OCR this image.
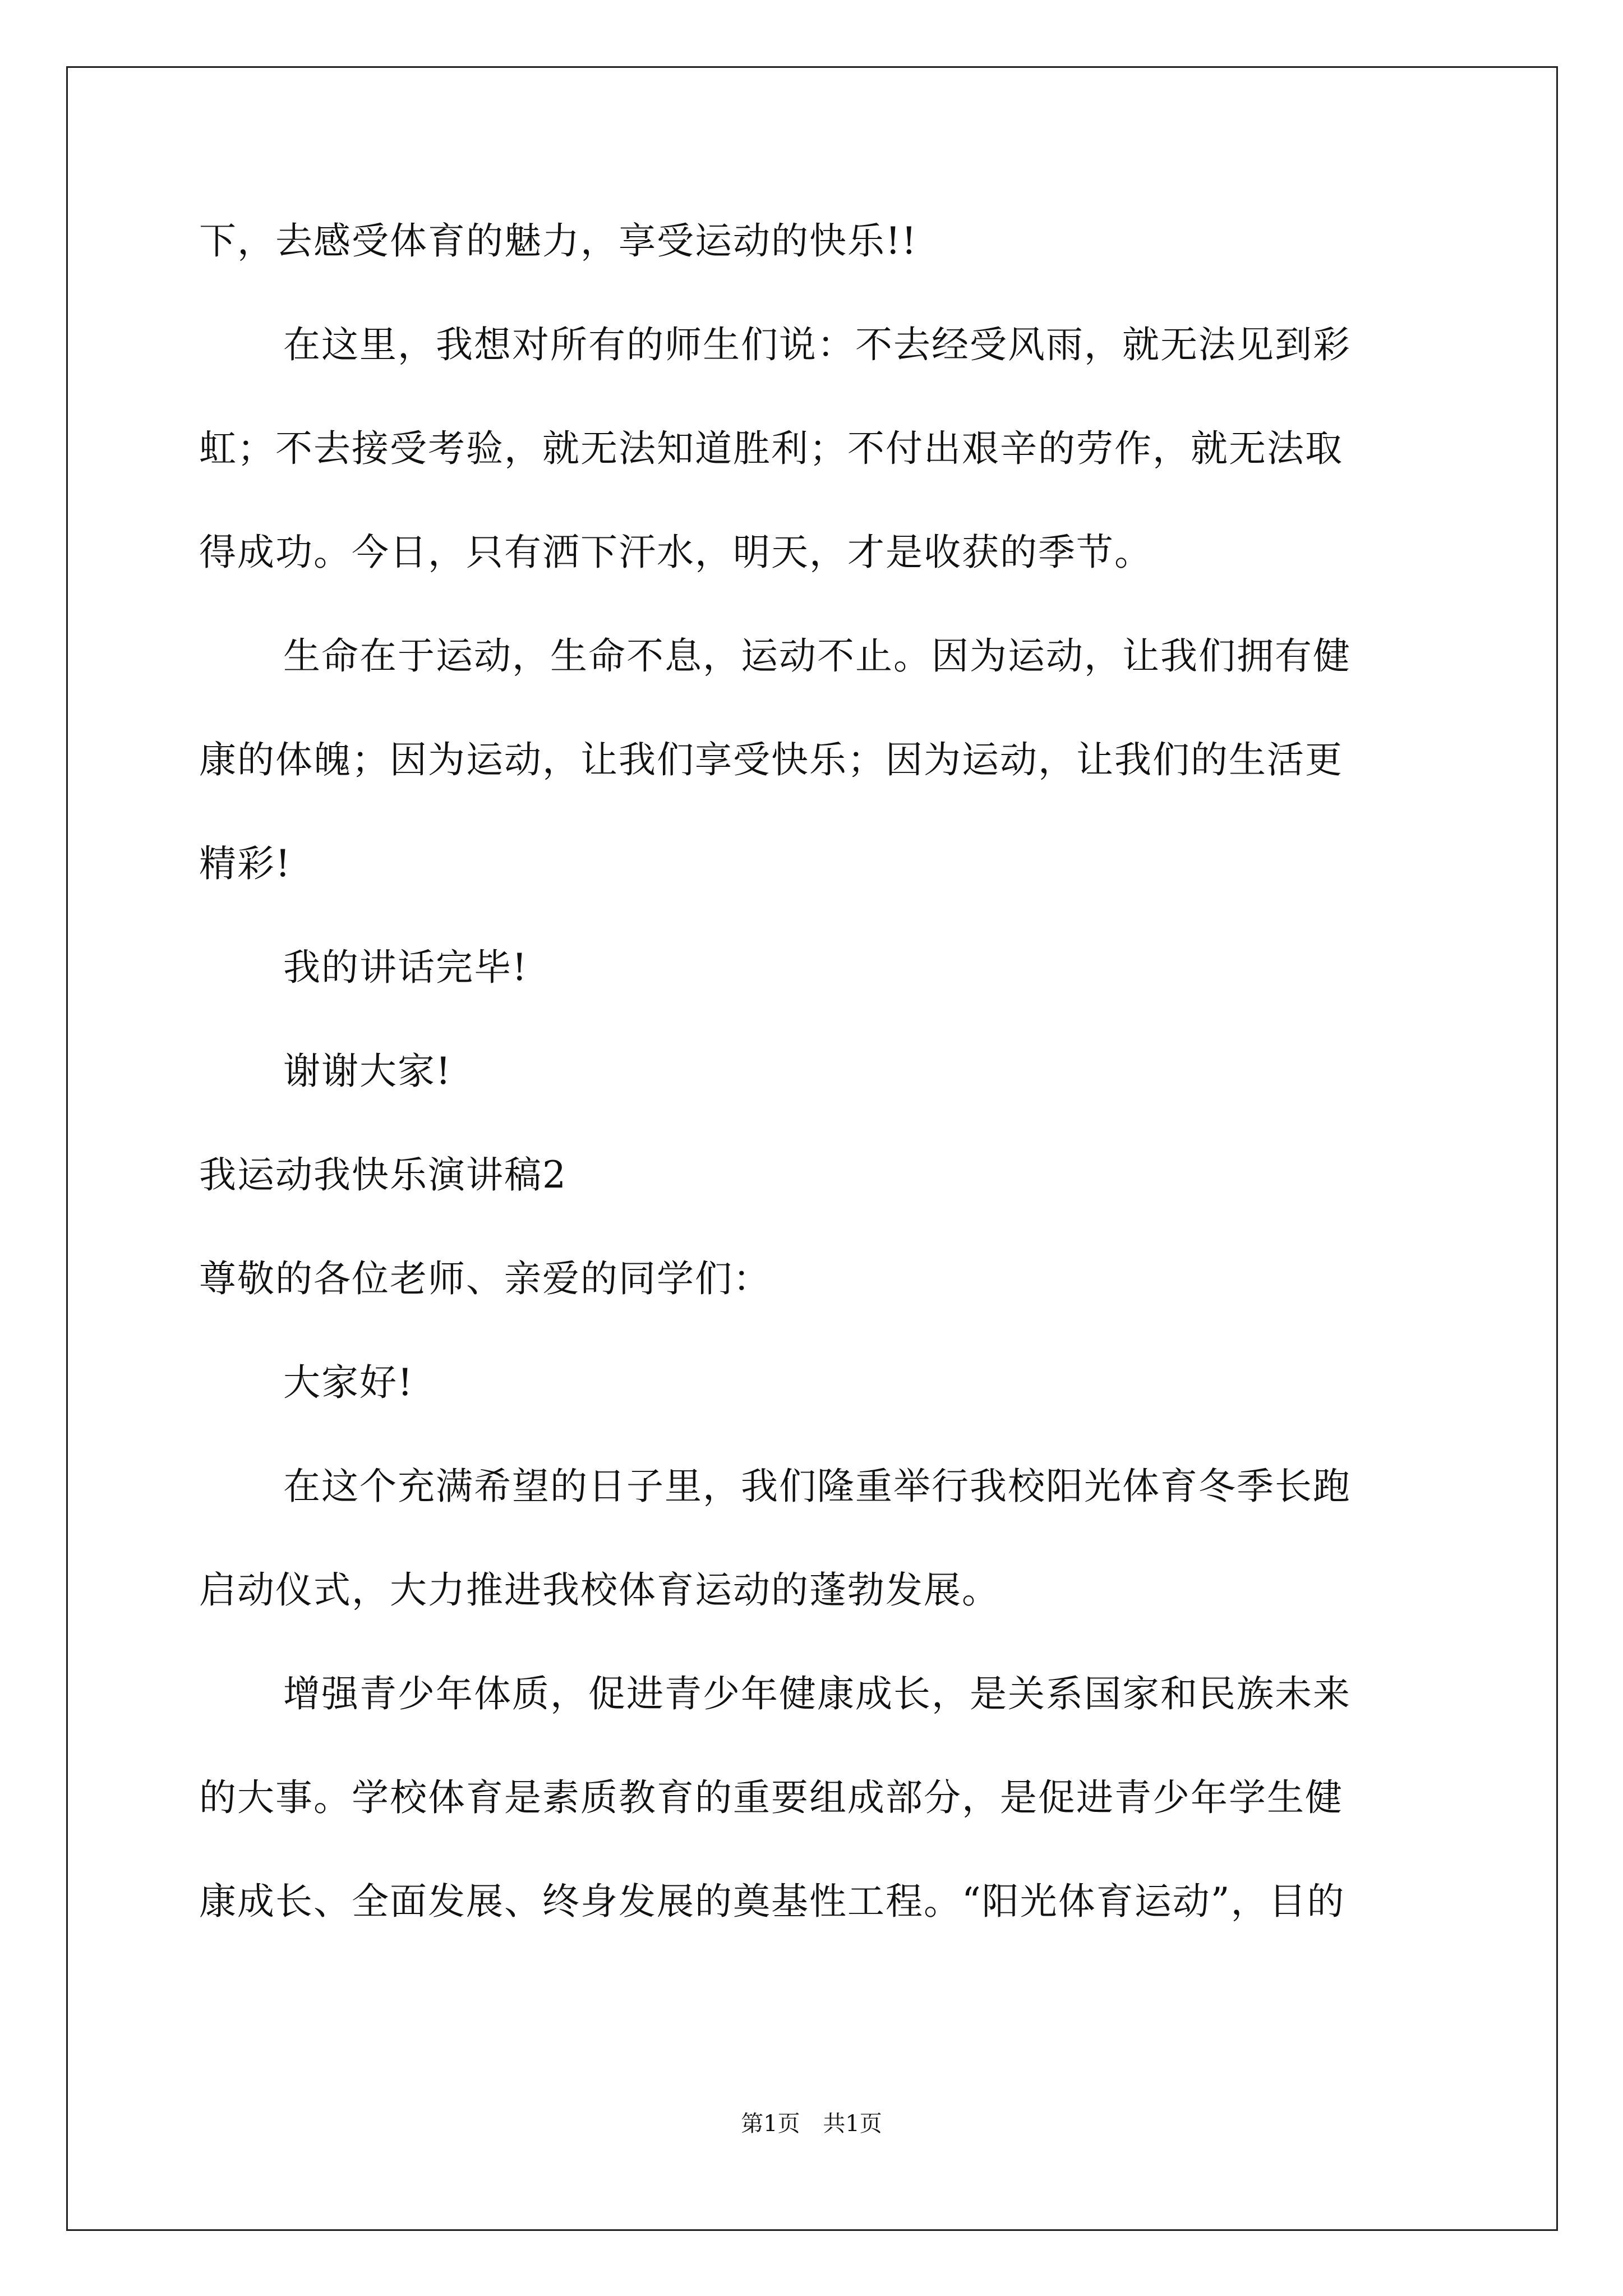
下，去感受体育的魅力，享受运动的快乐!!
在这里，我想对所有的师生们说：不去经受风雨，就无法见到彩
虹；不去接受考验，就无法知道胜利；不付出艰辛的劳作，就无法取
得成功。今日，只有洒下汗水，明天，才是收获的季节。
生命在于运动，生命不息，运动不止。因为运动，让我们拥有健
康的体魄；因为运动，让我们享受快乐；因为运动，让我们的生活更
精彩!
我的讲话完毕!
谢谢大家!
我运动我快乐演讲稿2
尊敬的各位老师、亲爱的同学们：
大家好!
在这个充满希望的日子里，我们隆重举行我校阳光体育冬季长跑
启动仪式，大力推进我校体育运动的蓬勃发展。
增强青少年体质，促进青少年健康成长，是关系国家和民族未来
的大事。学校体育是素质教育的重要组成部分，是促进青少年学生健
康成长、全面发展、终身发展的奠基性工程。“阳光体育运动”，目的
第1页 共1页
